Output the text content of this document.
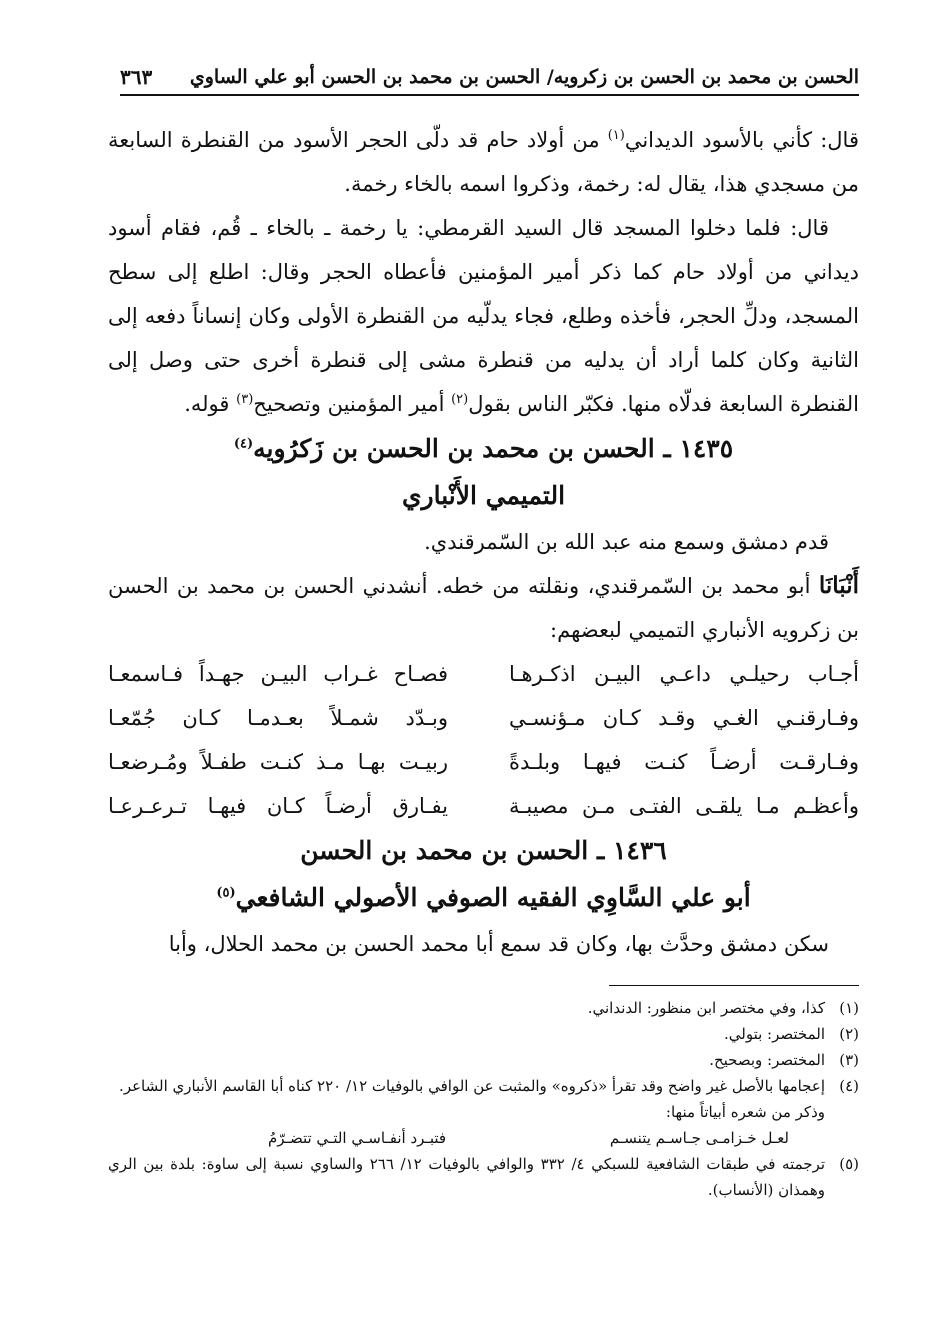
الحسن بن محمد بن الحسن بن زكرويه/ الحسن بن محمد بن الحسن أبو علي الساوي
٣٦٣

قال: كأني بالأسود الديداني$^{(١)}$ من أولاد حام قد دلّى الحجر الأسود من القنطرة السابعة من مسجدي هذا، يقال له: رخمة، وذكروا اسمه بالخاء رخمة.

قال: فلما دخلوا المسجد قال السيد القرمطي: يا رخمة ـ بالخاء ـ قُم، فقام أسود ديداني من أولاد حام كما ذكر أمير المؤمنين فأعطاه الحجر وقال: اطلع إلى سطح المسجد، ودلِّ الحجر، فأخذه وطلع، فجاء يدلّيه من القنطرة الأولى وكان إنساناً دفعه إلى الثانية وكان كلما أراد أن يدليه من قنطرة مشى إلى قنطرة أخرى حتى وصل إلى القنطرة السابعة فدلّاه منها. فكبّر الناس بقول$^{(٢)}$ أمير المؤمنين وتصحيح$^{(٣)}$ قوله.

١٤٣٥ ـ الحسن بن محمد بن الحسن بن زَكرُويه$^{(٤)}$

التميمي الأَنْباري

قدم دمشق وسمع منه عبد الله بن السّمرقندي.

أَنْبَانَا أبو محمد بن السّمرقندي، ونقلته من خطه. أنشدني الحسن بن محمد بن الحسن بن زكرويه الأنباري التميمي لبعضهم:

أجـاب رحيلـي داعـي البيـن اذكـرهـا
فصـاح غـراب البيـن جهـداً فـاسمعـا
وفـارقنـي الغـي وقـد كـان مـؤنسـي
وبـدّد شمـلاً بعـدمـا كـان جُمّعـا
وفـارقـت أرضـاً كنـت فيهـا وبلـدةً
ربيـت بهـا مـذ كنـت طفـلاً ومُـرضعـا
وأعظـم مـا يلقـى الفتـى مـن مصيبـة
يفـارق أرضـاً كـان فيهـا تـرعـرعـا

١٤٣٦ ـ الحسن بن محمد بن الحسن

أبو علي السَّاوِي الفقيه الصوفي الأصولي الشافعي$^{(٥)}$

سكن دمشق وحدَّث بها، وكان قد سمع أبا محمد الحسن بن محمد الحلال، وأبا

(١)
كذا، وفي مختصر ابن منظور: الدنداني.
(٢)
المختصر: بتولي.
(٣)
المختصر: وبصحيح.
(٤)
إعجامها بالأصل غير واضح وقد تقرأ «ذكروه» والمثبت عن الوافي بالوفيات ١٢/ ٢٢٠ كناه أبا القاسم الأنباري الشاعر.

وذكر من شعره أبياتاً منها:

لعـل خـزامـى جـاسـم يتنسـم
فتبـرد أنفـاسـي التـي تتضـرّمُ
(٥)
ترجمته في طبقات الشافعية للسبكي ٤/ ٣٣٢ والوافي بالوفيات ١٢/ ٢٦٦ والساوي نسبة إلى ساوة: بلدة بين الري وهمذان (الأنساب).
